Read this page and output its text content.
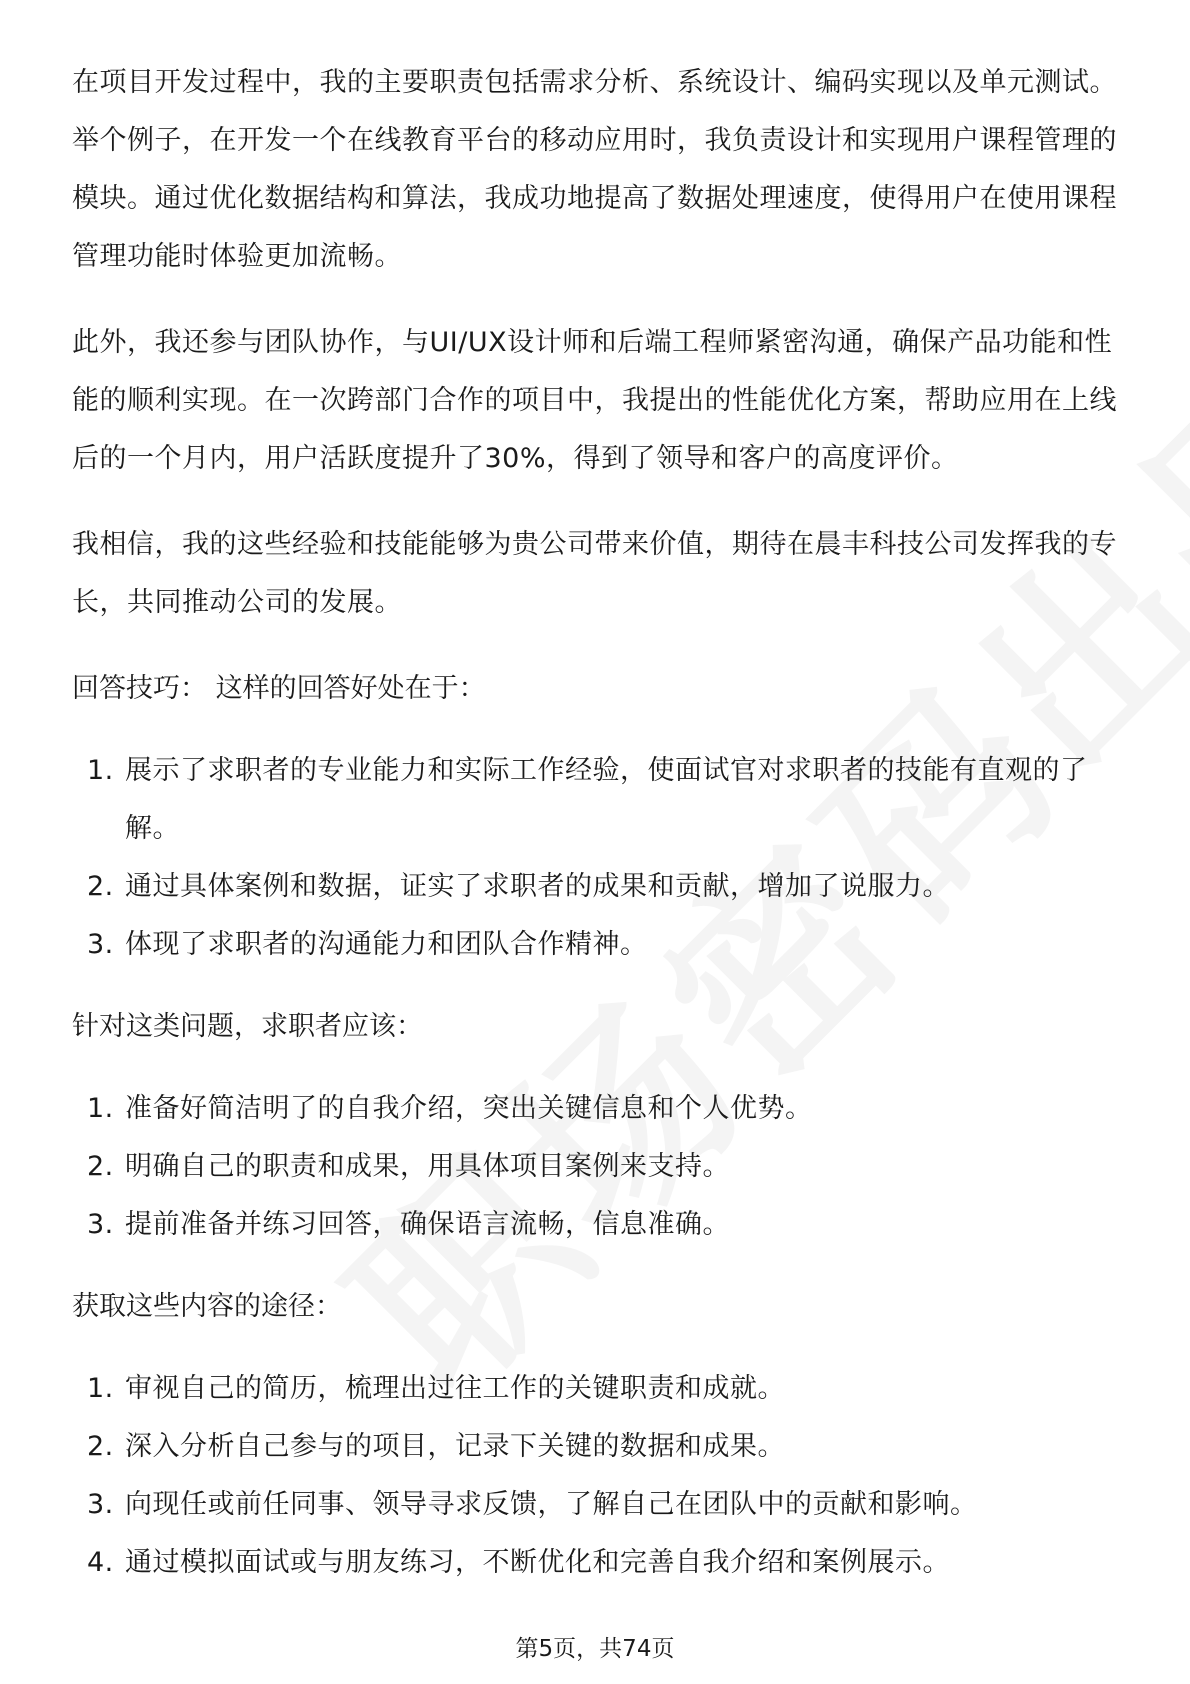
在项目开发过程中，我的主要职责包括需求分析、系统设计、编码实现以及单元测试。举个例子，在开发一个在线教育平台的移动应用时，我负责设计和实现用户课程管理的模块。通过优化数据结构和算法，我成功地提高了数据处理速度，使得用户在使用课程管理功能时体验更加流畅。

此外，我还参与团队协作，与UI/UX设计师和后端工程师紧密沟通，确保产品功能和性能的顺利实现。在一次跨部门合作的项目中，我提出的性能优化方案，帮助应用在上线后的一个月内，用户活跃度提升了30%，得到了领导和客户的高度评价。

我相信，我的这些经验和技能能够为贵公司带来价值，期待在晨丰科技公司发挥我的专长，共同推动公司的发展。

回答技巧： 这样的回答好处在于：

1. 展示了求职者的专业能力和实际工作经验，使面试官对求职者的技能有直观的了解。
2. 通过具体案例和数据，证实了求职者的成果和贡献，增加了说服力。
3. 体现了求职者的沟通能力和团队合作精神。

针对这类问题，求职者应该：

1. 准备好简洁明了的自我介绍，突出关键信息和个人优势。
2. 明确自己的职责和成果，用具体项目案例来支持。
3. 提前准备并练习回答，确保语言流畅，信息准确。

获取这些内容的途径：

1. 审视自己的简历，梳理出过往工作的关键职责和成就。
2. 深入分析自己参与的项目，记录下关键的数据和成果。
3. 向现任或前任同事、领导寻求反馈，了解自己在团队中的贡献和影响。
4. 通过模拟面试或与朋友练习，不断优化和完善自我介绍和案例展示。
第5页，共74页
